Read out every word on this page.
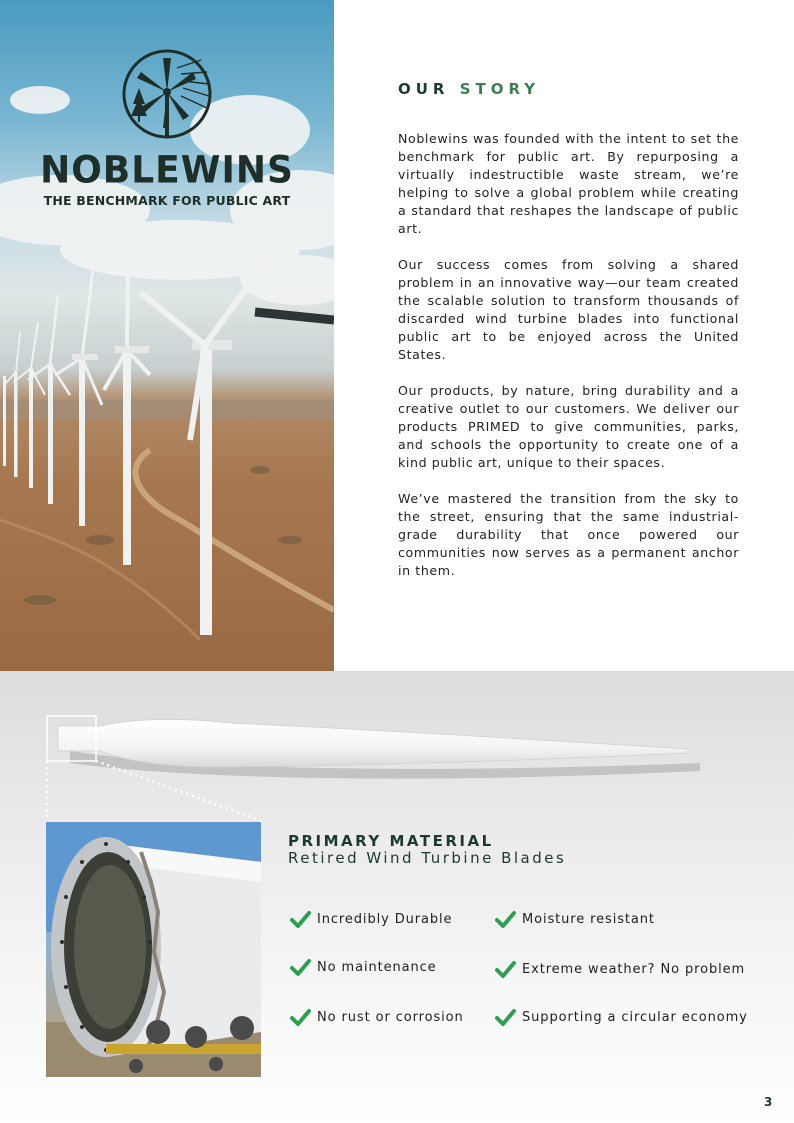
NOBLEWINS
THE BENCHMARK FOR PUBLIC ART
OUR STORY

Noblewins was founded with the intent to set the benchmark for public art. By repurposing a virtually indestructible waste stream, we’re helping to solve a global problem while creating a standard that reshapes the landscape of public art.

Our success comes from solving a shared problem in an innovative way—our team created the scalable solution to transform thousands of discarded wind turbine blades into functional public art to be enjoyed across the United States.

Our products, by nature, bring durability and a creative outlet to our customers. We deliver our products PRIMED to give communities, parks, and schools the opportunity to create one of a kind public art, unique to their spaces.

We’ve mastered the transition from the sky to the street, ensuring that the same industrial-grade durability that once powered our communities now serves as a permanent anchor in them.

PRIMARY MATERIAL
Retired Wind Turbine Blades
Incredibly Durable	Moisture resistant
No maintenance	Extreme weather? No problem
No rust or corrosion	Supporting a circular economy
3
